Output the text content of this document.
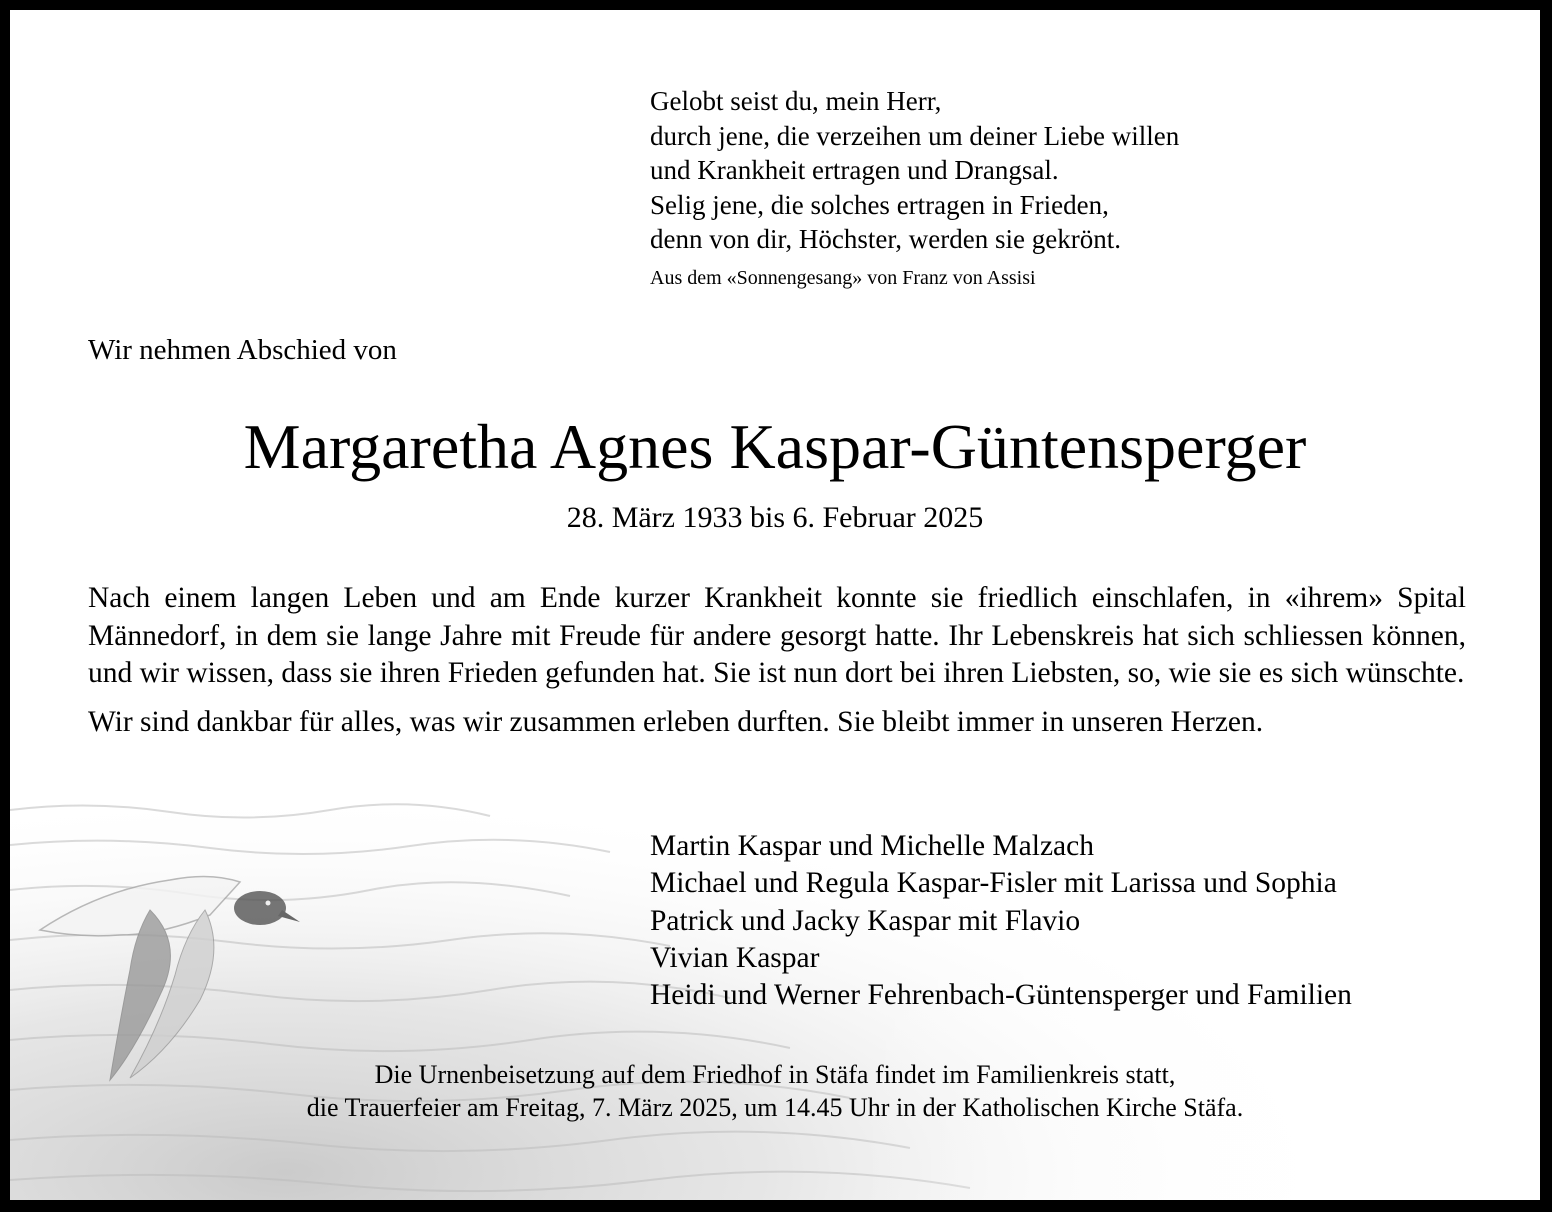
Gelobt seist du, mein Herr,
durch jene, die verzeihen um deiner Liebe willen
und Krankheit ertragen und Drangsal.
Selig jene, die solches ertragen in Frieden,
denn von dir, Höchster, werden sie gekrönt.
Aus dem «Sonnengesang» von Franz von Assisi
Wir nehmen Abschied von
Margaretha Agnes Kaspar-Güntensperger
28. März 1933 bis 6. Februar 2025

Nach einem langen Leben und am Ende kurzer Krankheit konnte sie friedlich einschlafen, in «ihrem» Spital Männedorf, in dem sie lange Jahre mit Freude für andere gesorgt hatte. Ihr Lebenskreis hat sich schliessen können, und wir wissen, dass sie ihren Frieden gefunden hat. Sie ist nun dort bei ihren Liebsten, so, wie sie es sich wünschte.

Wir sind dankbar für alles, was wir zusammen erleben durften. Sie bleibt immer in unseren Herzen.

Martin Kaspar und Michelle Malzach
Michael und Regula Kaspar-Fisler mit Larissa und Sophia
Patrick und Jacky Kaspar mit Flavio
Vivian Kaspar
Heidi und Werner Fehrenbach-Güntensperger und Familien
Die Urnenbeisetzung auf dem Friedhof in Stäfa findet im Familienkreis statt,
die Trauerfeier am Freitag, 7. März 2025, um 14.45 Uhr in der Katholischen Kirche Stäfa.
